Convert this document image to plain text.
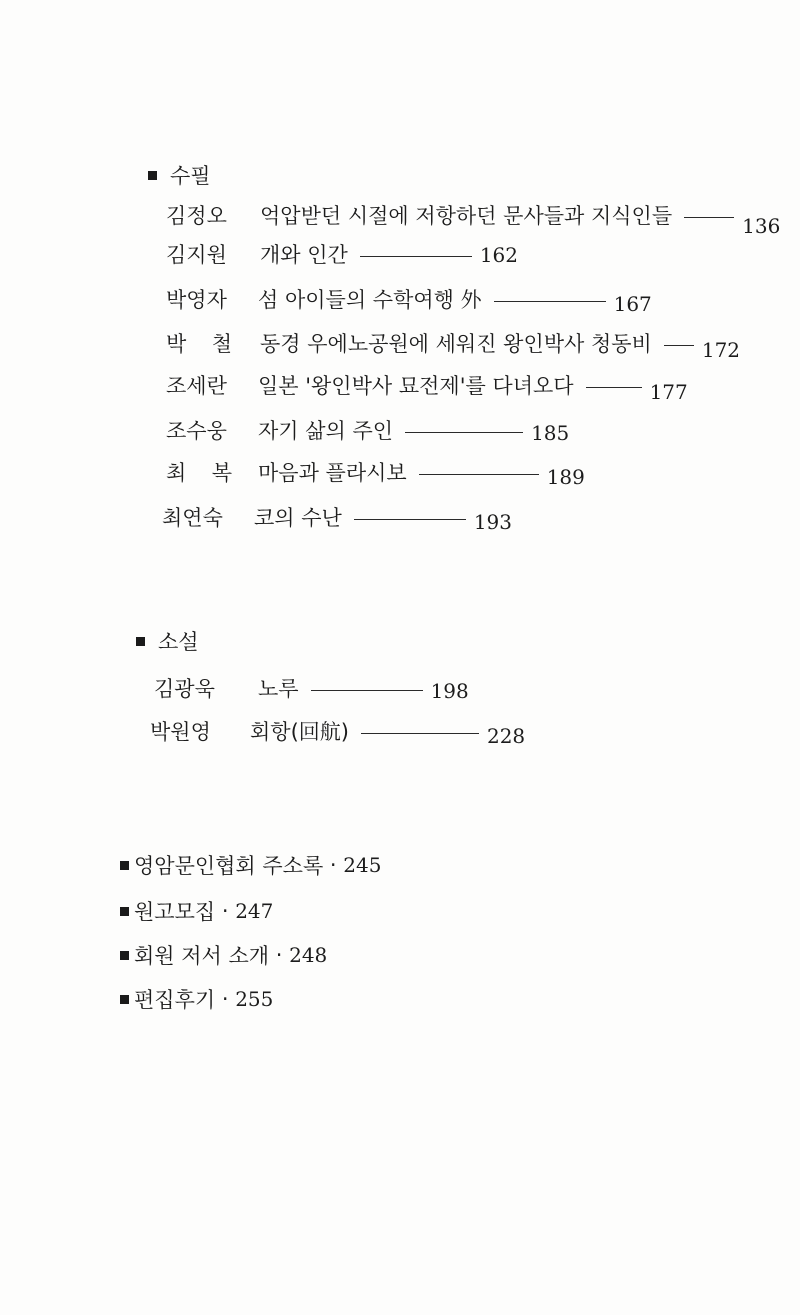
수필
김정오 억압받던 시절에 저항하던 문사들과 지식인들	136
김지원 개와 인간	162
박영자 섬 아이들의 수학여행 外	167
박 철 동경 우에노공원에 세워진 왕인박사 청동비	172
조세란 일본 '왕인박사 묘전제'를 다녀오다	177
조수웅 자기 삶의 주인	185
최 복 마음과 플라시보	189
최연숙 코의 수난	193
소설
김광욱 노루	198
박원영 회항(回航)	228
영암문인협회 주소록 · 245
원고모집 · 247
회원 저서 소개 · 248
편집후기 · 255
